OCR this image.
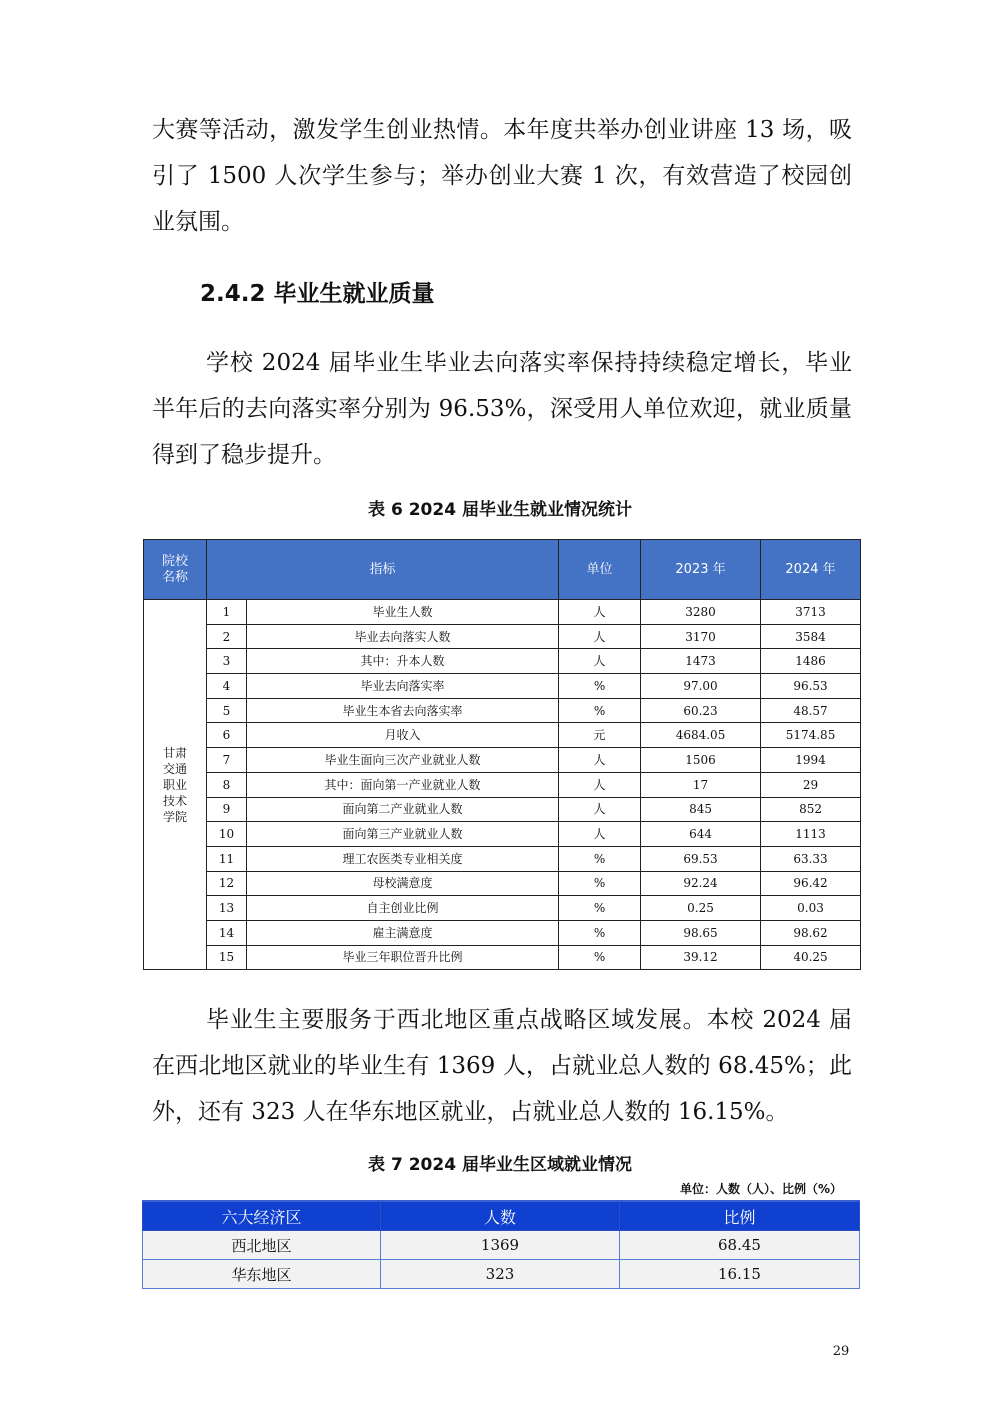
大赛等活动，激发学生创业热情。本年度共举办创业讲座 13 场，吸引了 1500 人次学生参与；举办创业大赛 1 次，有效营造了校园创业氛围。

2.4.2 毕业生就业质量

学校 2024 届毕业生毕业去向落实率保持持续稳定增长，毕业半年后的去向落实率分别为 96.53%，深受用人单位欢迎，就业质量得到了稳步提升。

表 6 2024 届毕业生就业情况统计

院校名称	指标		单位	2023 年	2024 年
甘肃交通职业技术学院	1	毕业生人数	人	3280	3713
	2	毕业去向落实人数	人	3170	3584
	3	其中：升本人数	人	1473	1486
	4	毕业去向落实率	%	97.00	96.53
	5	毕业生本省去向落实率	%	60.23	48.57
	6	月收入	元	4684.05	5174.85
	7	毕业生面向三次产业就业人数	人	1506	1994
	8	其中：面向第一产业就业人数	人	17	29
	9	面向第二产业就业人数	人	845	852
	10	面向第三产业就业人数	人	644	1113
	11	理工农医类专业相关度	%	69.53	63.33
	12	母校满意度	%	92.24	96.42
	13	自主创业比例	%	0.25	0.03
	14	雇主满意度	%	98.65	98.62
	15	毕业三年职位晋升比例	%	39.12	40.25

毕业生主要服务于西北地区重点战略区域发展。本校 2024 届在西北地区就业的毕业生有 1369 人，占就业总人数的 68.45%；此外，还有 323 人在华东地区就业，占就业总人数的 16.15%。

表 7 2024 届毕业生区域就业情况

单位：人数（人）、比例（%）
六大经济区	人数	比例
西北地区	1369	68.45
华东地区	323	16.15
29
